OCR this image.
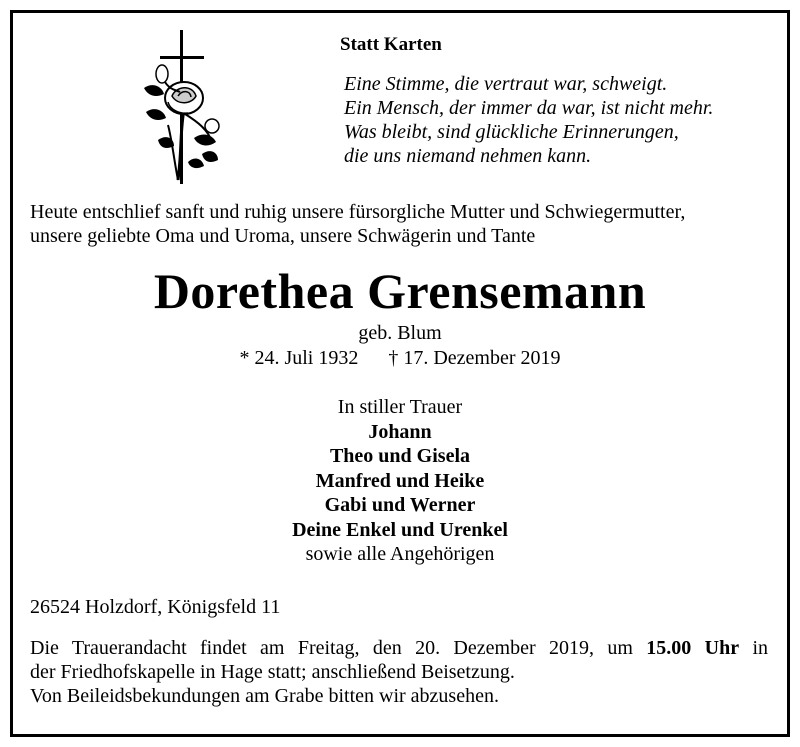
Statt Karten
Eine Stimme, die vertraut war, schweigt.
Ein Mensch, der immer da war, ist nicht mehr.
Was bleibt, sind glückliche Erinnerungen,
die uns niemand nehmen kann.
Heute entschlief sanft und ruhig unsere fürsorgliche Mutter und Schwiegermutter,
unsere geliebte Oma und Uroma, unsere Schwägerin und Tante
Dorethea Grensemann
geb. Blum
* 24. Juli 1932 † 17. Dezember 2019
In stiller Trauer
Johann
Theo und Gisela
Manfred und Heike
Gabi und Werner
Deine Enkel und Urenkel
sowie alle Angehörigen
26524 Holzdorf, Königsfeld 11

Die Trauerandacht findet am Freitag, den 20. Dezember 2019, um 15.00 Uhr in

der Friedhofskapelle in Hage statt; anschließend Beisetzung.

Von Beileidsbekundungen am Grabe bitten wir abzusehen.
